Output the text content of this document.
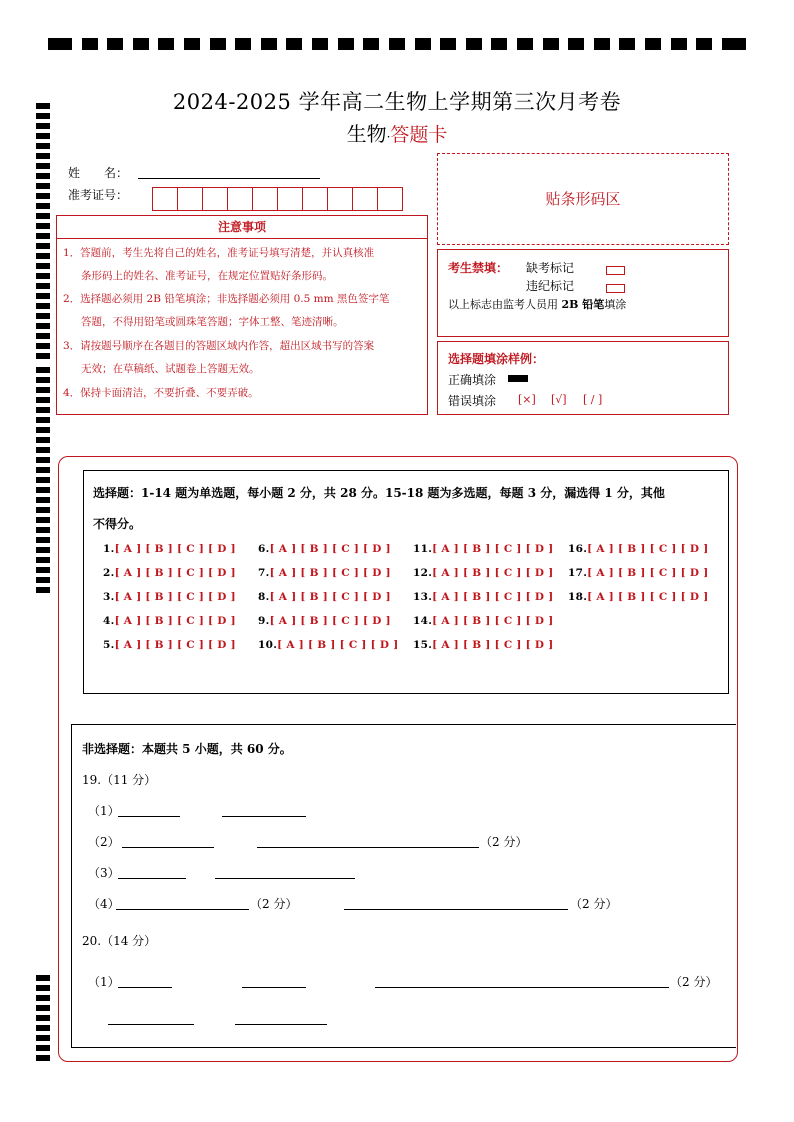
2024-2025 学年高二生物上学期第三次月考卷
生物·答题卡
姓　　名：
准考证号：
注意事项
1．答题前，考生先将自己的姓名，准考证号填写清楚，并认真核准
条形码上的姓名、准考证号，在规定位置贴好条形码。
2．选择题必须用 2B 铅笔填涂；非选择题必须用 0.5 mm 黑色签字笔
答题，不得用铅笔或圆珠笔答题；字体工整、笔迹清晰。
3．请按题号顺序在各题目的答题区域内作答，超出区域书写的答案
无效；在草稿纸、试题卷上答题无效。
4．保持卡面清洁，不要折叠、不要弄破。
贴条形码区
考生禁填： 缺考标记
违纪标记
以上标志由监考人员用 2B 铅笔填涂
选择题填涂样例：
正确填涂
错误填涂 [×] [√] [ / ]
选择题：1-14 题为单选题，每小题 2 分，共 28 分。15-18 题为多选题，每题 3 分，漏选得 1 分，其他
不得分。
1.[ A ] [ B ] [ C ] [ D ]
2.[ A ] [ B ] [ C ] [ D ]
3.[ A ] [ B ] [ C ] [ D ]
4.[ A ] [ B ] [ C ] [ D ]
5.[ A ] [ B ] [ C ] [ D ]
6.[ A ] [ B ] [ C ] [ D ]
7.[ A ] [ B ] [ C ] [ D ]
8.[ A ] [ B ] [ C ] [ D ]
9.[ A ] [ B ] [ C ] [ D ]
10.[ A ] [ B ] [ C ] [ D ]
11.[ A ] [ B ] [ C ] [ D ]
12.[ A ] [ B ] [ C ] [ D ]
13.[ A ] [ B ] [ C ] [ D ]
14.[ A ] [ B ] [ C ] [ D ]
15.[ A ] [ B ] [ C ] [ D ]
16.[ A ] [ B ] [ C ] [ D ]
17.[ A ] [ B ] [ C ] [ D ]
18.[ A ] [ B ] [ C ] [ D ]
非选择题：本题共 5 小题，共 60 分。
19.（11 分）
（1）
（2）	（2 分）
（3）
（4）	（2 分）	（2 分）
20.（14 分）
（1）	（2 分）
